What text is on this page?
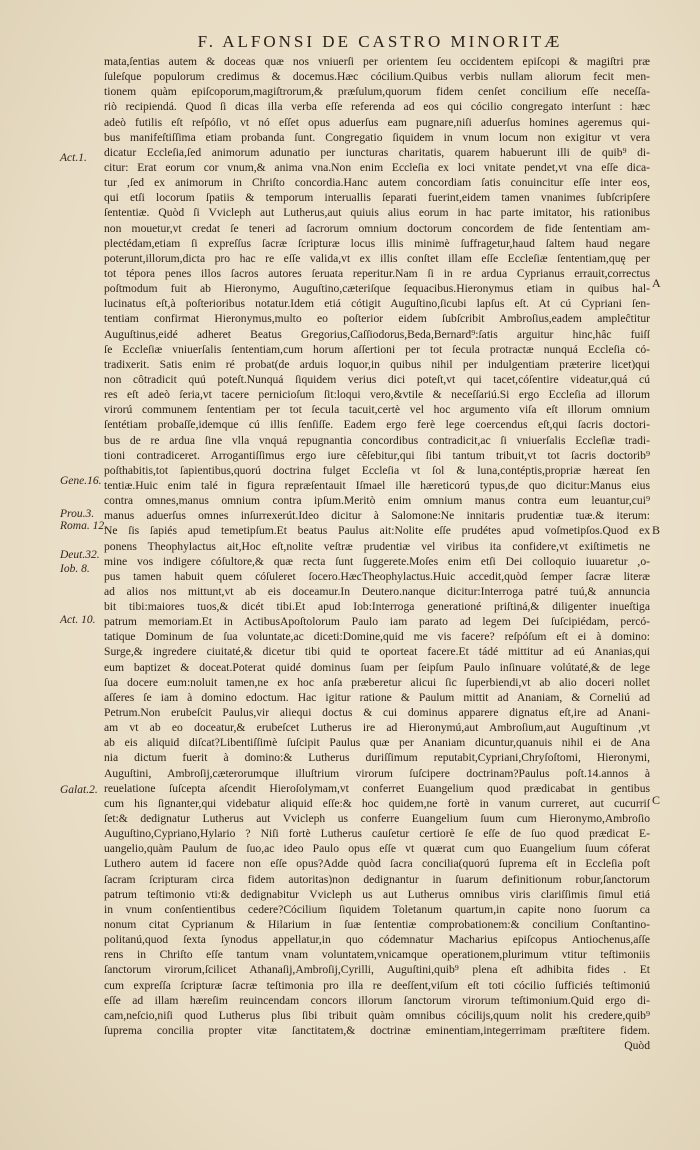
F. ALFONSI DE CASTRO MINORITÆ
mata,ſentias autem & doceas quæ nos vniuerſi per orientem ſeu occidentem epiſcopi & magiſtri præ
ſuleſque populorum credimus & docemus.Hæc cócilium.Quibus verbis nullam aliorum fecit men-
tionem quàm epiſcoporum,magiſtrorum,& præſulum,quorum fidem cenſet concilium eſſe neceſſa-
riò recipiendá. Quod ſi dicas illa verba eſſe referenda ad eos qui cócilio congregato interſunt : hæc
adeò futilis eſt reſpóſio, vt nó eſſet opus aduerſus eam pugnare,niſi aduerſus homines ageremus qui-
bus manifeſtiſſima etiam probanda ſunt. Congregatio ſiquidem in vnum locum non exigitur vt vera
dicatur Eccleſia,ſed animorum adunatio per iuncturas charitatis, quarem habuerunt illi de quib⁹ di-
citur: Erat eorum cor vnum,& anima vna.Non enim Eccleſia ex loci vnitate pendet,vt vna eſſe dica-
tur ,ſed ex animorum in Chriſto concordia.Hanc autem concordiam ſatis conuincitur eſſe inter eos,
qui etſi locorum ſpatiis & temporum interuallis ſeparati fuerint,eidem tamen vnanimes ſubſcripſere
ſententiæ. Quòd ſi Vvicleph aut Lutherus,aut quiuis alius eorum in hac parte imitator, his rationibus
non mouetur,vt credat ſe teneri ad ſacrorum omnium doctorum concordem de fide ſententiam am-
plectédam,etiam ſi expreſſus ſacræ ſcripturæ locus illis minimè ſuffragetur,haud ſaltem haud negare
poterunt,illorum,dicta pro hac re eſſe valida,vt ex illis conſtet illam eſſe Eccleſiæ ſententiam,quę per
tot tépora penes illos ſacros autores ſeruata reperitur.Nam ſi in re ardua Cyprianus errauit,correctus
poſtmodum fuit ab Hieronymo, Auguſtino,cæteriſque ſequacibus.Hieronymus etiam in quibus hal-
lucinatus eſt,à poſterioribus notatur.Idem etiá cótigit Auguſtino,ſicubi lapſus eſt. At cú Cypriani ſen-
tentiam confirmat Hieronymus,multo eo poſterior eidem ſubſcribit Ambroſius,eadem ampleĉtitur
Auguſtinus,eidé adheret Beatus Gregorius,Caſſiodorus,Beda,Bernard⁹:ſatis arguitur hinc,hâc fuiſſ
ſe Eccleſiæ vniuerſalis ſententiam,cum horum aſſertioni per tot ſecula protractæ nunquá Eccleſia có-
tradixerit. Satis enim ré probat(de arduis loquor,in quibus nihil per indulgentiam præterire licet)qui
non côtradicit quú poteſt.Nunquá ſiquidem verius dici poteſt,vt qui tacet,cóſentire videatur,quá cú
res eſt adeò ſeria,vt tacere pernicioſum ſit:loqui vero,&vtile & neceſſariú.Si ergo Eccleſia ad illorum
virorú communem ſententiam per tot ſecula tacuit,certè vel hoc argumento viſa eſt illorum omnium
ſentétiam probaſſe,idemque cú illis ſenſiſſe. Eadem ergo ferè lege coercendus eſt,qui ſacris doctori-
bus de re ardua ſine vlla vnquá repugnantia concordibus contradicit,ac ſi vniuerſalis Eccleſiæ tradi-
tioni contradiceret. Arrogantiſſimus ergo iure cêſebitur,qui ſibi tantum tribuit,vt tot ſacris doctorib⁹
poſthabitis,tot ſapientibus,quorú doctrina fulget Eccleſia vt ſol & luna,contéptis,propriæ hæreat ſen
tentiæ.Huic enim talé in figura repræſentauit Iſmael ille hæreticorú typus,de quo dicitur:Manus eius
contra omnes,manus omnium contra ipſum.Meritò enim omnium manus contra eum leuantur,cui⁹
manus aduerſus omnes inſurrexerút.Ideo dicitur à Salomone:Ne innitaris prudentiæ tuæ.& iterum:
Ne ſis ſapiés apud temetipſum.Et beatus Paulus ait:Nolite eſſe prudétes apud voſmetipſos.Quod ex
ponens Theophylactus ait,Hoc eſt,nolite veſtræ prudentiæ vel viribus ita confidere,vt exiſtimetis ne
mine vos indigere cóſultore,& quæ recta ſunt ſuggerete.Moſes enim etſi Dei colloquio iuuaretur ,o-
pus tamen habuit quem cóſuleret ſocero.HæcTheophylactus.Huic accedit,quòd ſemper ſacræ literæ
ad alios nos mittunt,vt ab eis doceamur.In Deutero.nanque dicitur:Interroga patré tuú,& annuncia
bit tibi:maiores tuos,& dicét tibi.Et apud Iob:Interroga generationé priſtiná,& diligenter inueſtiga
patrum memoriam.Et in ActibusApoſtolorum Paulo iam parato ad legem Dei ſuſcipiédam, percó-
tatique Dominum de ſua voluntate,ac diceti:Domine,quid me vis facere? reſpóſum eſt ei à domino:
Surge,& ingredere ciuitaté,& dicetur tibi quid te oporteat facere.Et tádé mittitur ad eú Ananias,qui
eum baptizet & doceat.Poterat quidé dominus ſuam per ſeipſum Paulo inſinuare volútaté,& de lege
ſua docere eum:noluit tamen,ne ex hoc anſa præberetur alicui ſic ſuperbiendi,vt ab alio doceri nollet
aſſeres ſe iam à domino edoctum. Hac igitur ratione & Paulum mittit ad Ananiam, & Corneliú ad
Petrum.Non erubeſcit Paulus,vir aliequi doctus & cui dominus apparere dignatus eſt,ire ad Anani-
am vt ab eo doceatur,& erubeſcet Lutherus ire ad Hieronymú,aut Ambroſium,aut Auguſtinum ,vt
ab eis aliquid diſcat?Libentiſſimè ſuſcipit Paulus quæ per Ananiam dicuntur,quanuis nihil ei de Ana
nia dictum fuerit à domino:& Lutherus duriſſimum reputabit,Cypriani,Chryſoſtomi, Hieronymi,
Auguſtini, Ambroſij,cæterorumque illuſtrium virorum ſuſcipere doctrinam?Paulus poſt.14.annos à
reuelatione ſuſcepta aſcendit Hieroſolymam,vt conferret Euangelium quod prædicabat in gentibus
cum his ſignanter,qui videbatur aliquid eſſe:& hoc quidem,ne fortè in vanum curreret, aut cucurriſ
ſet:& dedignatur Lutherus aut Vvicleph us conferre Euangelium ſuum cum Hieronymo,Ambroſio
Auguſtino,Cypriano,Hylario ? Niſi fortè Lutherus cauſetur certiorè ſe eſſe de ſuo quod prædicat E-
uangelio,quàm Paulum de ſuo,ac ideo Paulo opus eſſe vt quærat cum quo Euangelium ſuum cóferat
Luthero autem id facere non eſſe opus?Adde quòd ſacra concilia(quorú ſuprema eſt in Eccleſia poſt
ſacram ſcripturam circa fidem autoritas)non dedignantur in ſuarum definitionum robur,ſanctorum
patrum teſtimonio vti:& dedignabitur Vvicleph us aut Lutherus omnibus viris clariſſimis ſimul etiá
in vnum conſentientibus cedere?Cócilium ſiquidem Toletanum quartum,in capite nono ſuorum ca
nonum citat Cyprianum & Hilarium in ſuæ ſententiæ comprobationem:& concilium Conſtantino-
politanú,quod ſexta ſynodus appellatur,in quo códemnatur Macharius epiſcopus Antiochenus,aſſe
rens in Chriſto eſſe tantum vnam voluntatem,vnicamque operationem,plurimum vtitur teſtimoniis
ſanctorum virorum,ſcilicet Athanaſij,Ambroſij,Cyrilli, Auguſtini,quib⁹ plena eſt adhibita fides . Et
cum expreſſa ſcripturæ ſacræ teſtimonia pro illa re deeſſent,viſum eſt toti cócilio ſufficiés teſtimoniú
eſſe ad illam hæreſim reuincendam concors illorum ſanctorum virorum teſtimonium.Quid ergo di-
cam,neſcio,niſi quod Lutherus plus ſibi tribuit quàm omnibus cócilijs,quum nolit his credere,quib⁹
ſuprema concilia propter vitæ ſanctitatem,& doctrinæ eminentiam,integerrimam præſtitere fidem.
Quòd
Act.1.
Gene.16.
Prou.3.
Roma. 12.
Deut.32.
Iob. 8.
Act. 10.
Galat.2.
A
B
C
